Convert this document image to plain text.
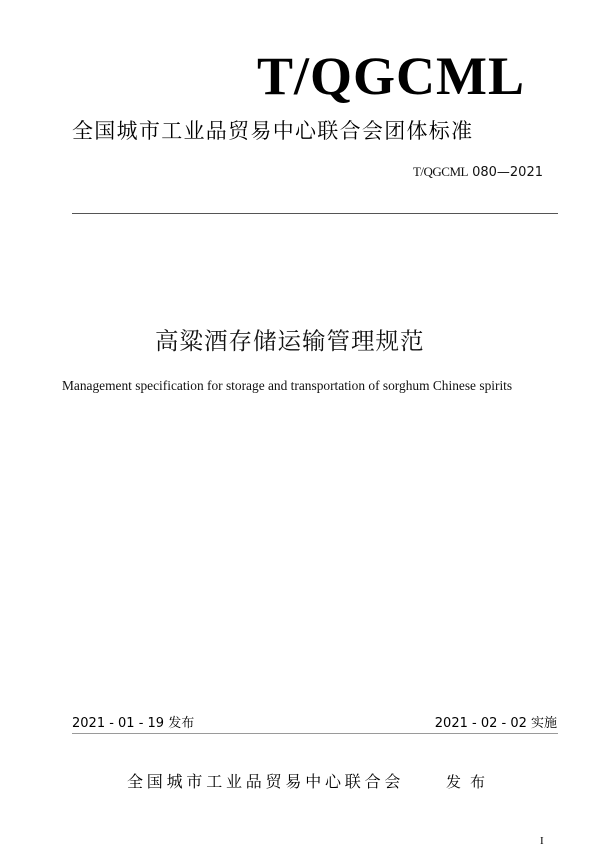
T/QGCML
全国城市工业品贸易中心联合会团体标准
T/QGCML 080—2021
高粱酒存储运输管理规范
Management specification for storage and transportation of sorghum Chinese spirits
2021 - 01 - 19 发布	2021 - 02 - 02 实施
全国城市工业品贸易中心联合会	发布
I
